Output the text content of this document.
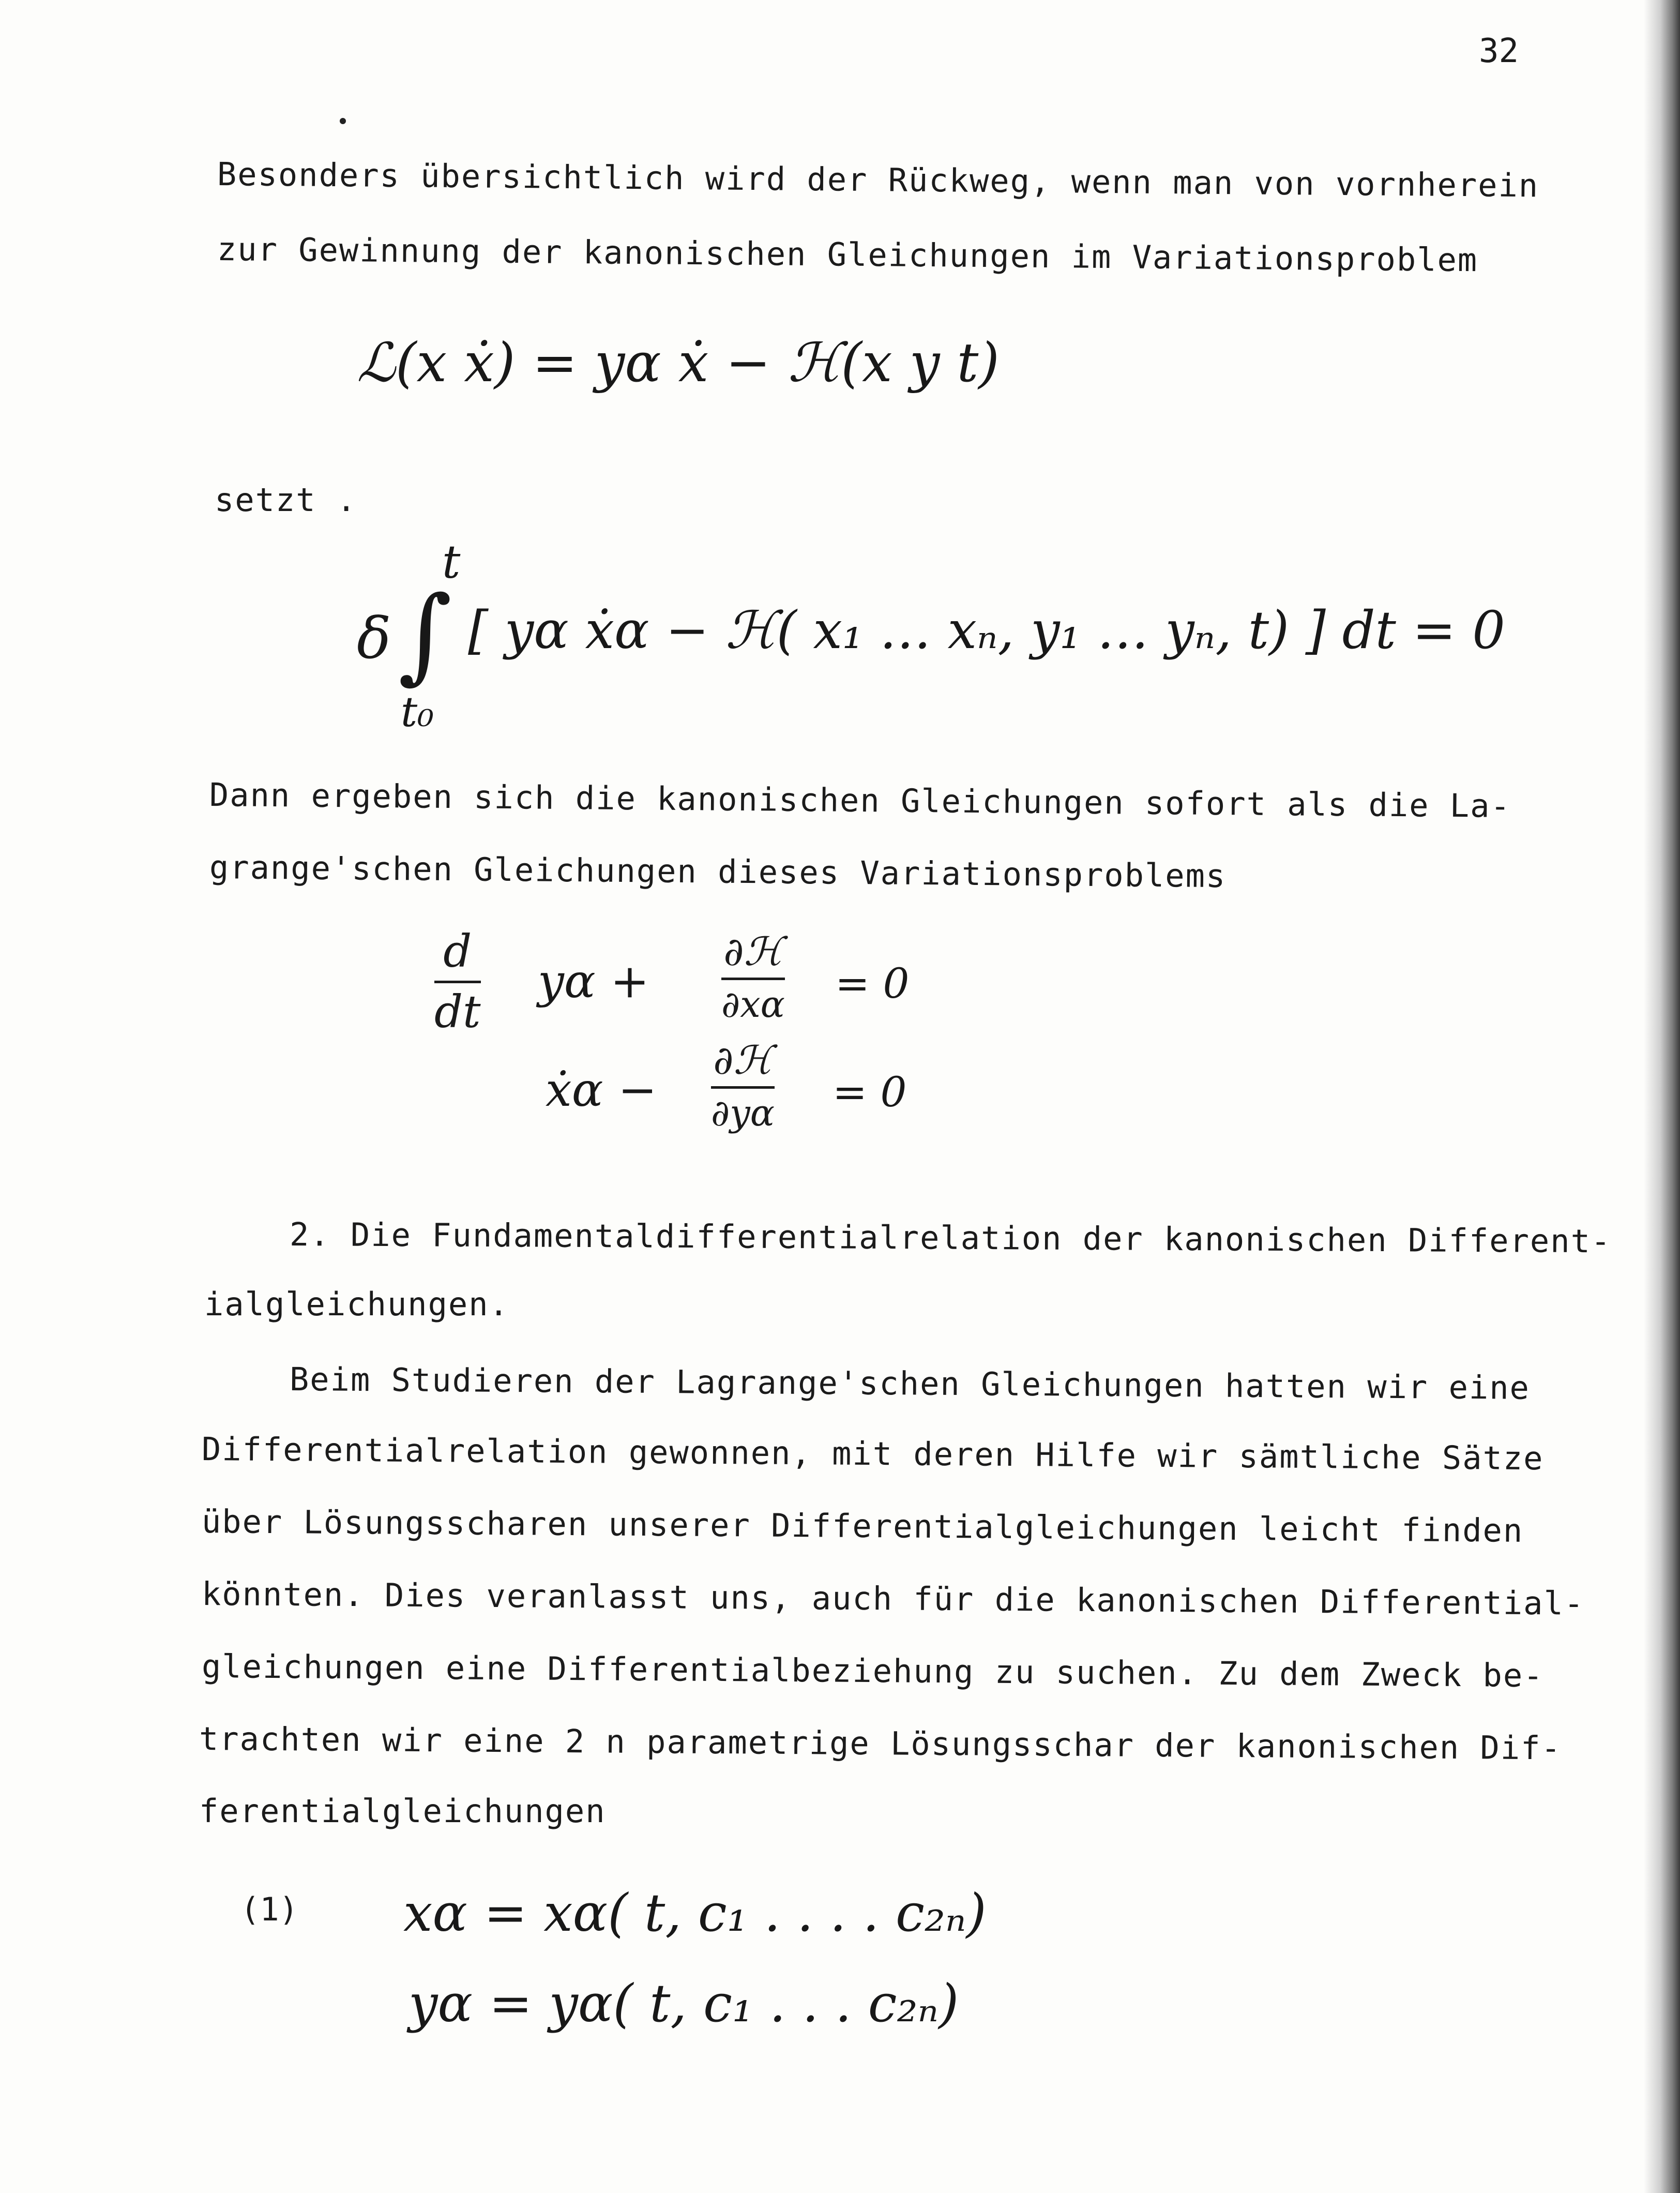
32
Besonders übersichtlich wird der Rückweg, wenn man von vornherein
zur Gewinnung der kanonischen Gleichungen im Variationsproblem
ℒ(x ẋ) = yα ẋ − ℋ(x y t)
setzt .
δ ∫
t
t₀
[ yα ẋα − ℋ( x₁ … xₙ, y₁ … yₙ, t) ] dt = 0
Dann ergeben sich die kanonischen Gleichungen sofort als die La-
grange'schen Gleichungen dieses Variationsproblems
d
dt
yα +
∂ℋ
∂xα = 0
ẋα −
∂ℋ
∂yα = 0
2. Die Fundamentaldifferentialrelation der kanonischen Different-
ialgleichungen.
Beim Studieren der Lagrange'schen Gleichungen hatten wir eine
Differentialrelation gewonnen, mit deren Hilfe wir sämtliche Sätze
über Lösungsscharen unserer Differentialgleichungen leicht finden
könnten. Dies veranlasst uns, auch für die kanonischen Differential-
gleichungen eine Differentialbeziehung zu suchen. Zu dem Zweck be-
trachten wir eine 2 n parametrige Lösungsschar der kanonischen Dif-
ferentialgleichungen
(1) xα = xα( t, c₁ . . . . c₂ₙ)
yα = yα( t, c₁ . . . c₂ₙ)
